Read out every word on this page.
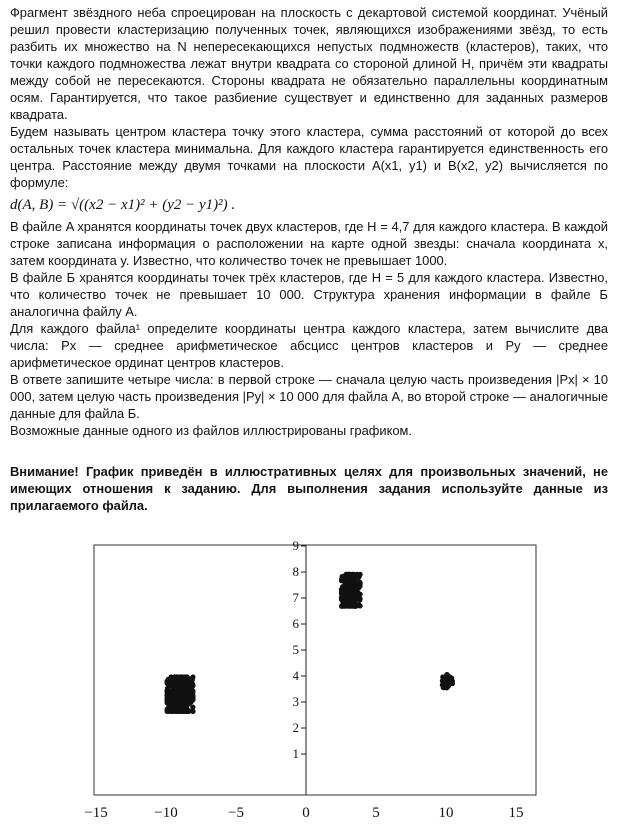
Фрагмент звёздного неба спроецирован на плоскость с декартовой системой координат. Учёный решил провести кластеризацию полученных точек, являющихся изображениями звёзд, то есть разбить их множество на N непересекающихся непустых подмножеств (кластеров), таких, что точки каждого подмножества лежат внутри квадрата со стороной длиной H, причём эти квадраты между собой не пересекаются. Стороны квадрата не обязательно параллельны координатным осям. Гарантируется, что такое разбиение существует и единственно для заданных размеров квадрата.

Будем называть центром кластера точку этого кластера, сумма расстояний от которой до всех остальных точек кластера минимальна. Для каждого кластера гарантируется единственность его центра. Расстояние между двумя точками на плоскости A(x1, y1) и B(x2, y2) вычисляется по формуле:

d(A, B) = √((x2 − x1)² + (y2 − y1)²) .

В файле A хранятся координаты точек двух кластеров, где H = 4,7 для каждого кластера. В каждой строке записана информация о расположении на карте одной звезды: сначала координата x, затем координата y. Известно, что количество точек не превышает 1000.

В файле Б хранятся координаты точек трёх кластеров, где H = 5 для каждого кластера. Известно, что количество точек не превышает 10 000. Структура хранения информации в файле Б аналогична файлу A.

Для каждого файла¹ определите координаты центра каждого кластера, затем вычислите два числа: Px — среднее арифметическое абсцисс центров кластеров и Py — среднее арифметическое ординат центров кластеров.

В ответе запишите четыре числа: в первой строке — сначала целую часть произведения |Px| × 10 000, затем целую часть произведения |Py| × 10 000 для файла A, во второй строке — аналогичные данные для файла Б.

Возможные данные одного из файлов иллюстрированы графиком.

Внимание! График приведён в иллюстративных целях для произвольных значений, не имеющих отношения к заданию. Для выполнения задания используйте данные из прилагаемого файла.
1
2
3
4
5
6
7
8
9
−15	−10	−5	0	5	10	15
